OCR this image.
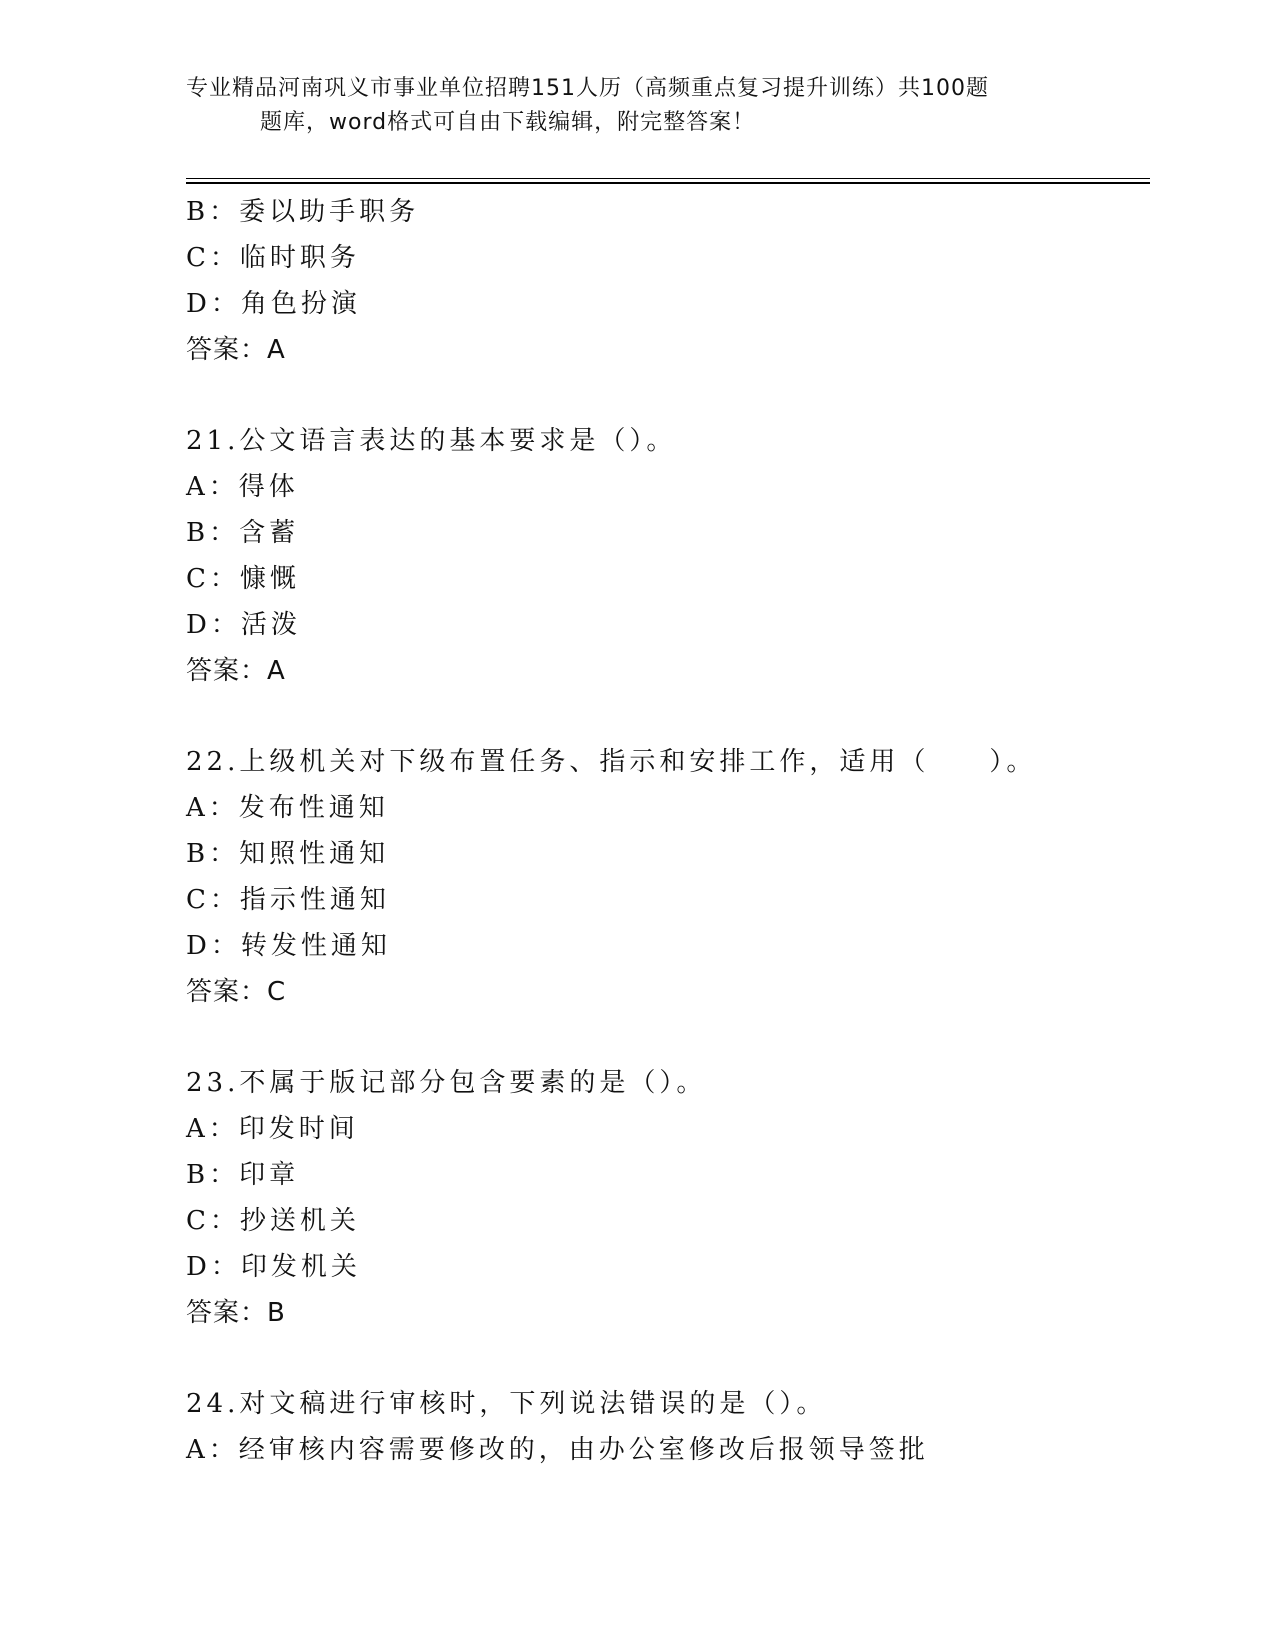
专业精品河南巩义市事业单位招聘151人历（高频重点复习提升训练）共100题
题库，word格式可自由下载编辑，附完整答案！
B：委以助手职务
C：临时职务
D：角色扮演
答案：A
21.公文语言表达的基本要求是（）。
A：得体
B：含蓄
C：慷慨
D：活泼
答案：A
22.上级机关对下级布置任务、指示和安排工作，适用（　　）。
A：发布性通知
B：知照性通知
C：指示性通知
D：转发性通知
答案：C
23.不属于版记部分包含要素的是（）。
A：印发时间
B：印章
C：抄送机关
D：印发机关
答案：B
24.对文稿进行审核时，下列说法错误的是（）。
A：经审核内容需要修改的，由办公室修改后报领导签批
